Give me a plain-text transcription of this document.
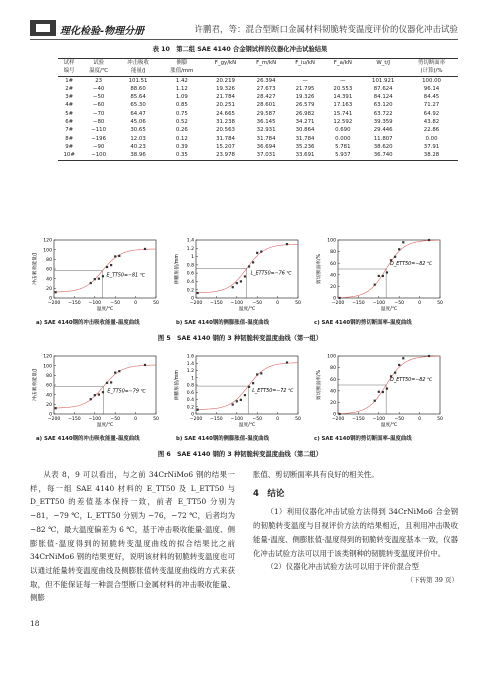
理化检验-物理分册	许鹏君，等：混合型断口金属材料韧脆转变温度评价的仪器化冲击试验
表 10　第二组 SAE 4140 合金钢试样的仪器化冲击试验结果
试样	试验	冲击吸收	侧膨	F_gy/kN	F_m/kN	F_iu/kN	F_a/kN	W_t/J	剪切断面率
编号	温度/℃	能量/J	胀值/mm						(计算)/%
1#	23	101.51	1.42	20.219	26.394	—	—	101.921	100.00
2#	−40	88.60	1.12	19.326	27.673	21.795	20.553	87.624	96.14
3#	−50	85.64	1.09	21.784	28.427	19.326	14.391	84.124	84.45
4#	−60	65.30	0.85	20.251	28.601	26.579	17.163	63.120	71.27
5#	−70	64.47	0.75	24.665	29.587	26.982	15.741	63.722	64.92
6#	−80	45.06	0.52	31.238	36.145	34.271	12.592	39.359	43.82
7#	−110	30.65	0.26	20.563	32.931	30.864	0.690	29.446	22.86
8#	−196	12.03	0.12	31.784	31.784	31.784	0.000	11.807	0.00
9#	−90	40.23	0.39	15.207	36.694	35.236	5.781	38.620	37.91
10#	−100	38.96	0.35	23.978	37.031	33.691	5.937	36.740	38.28
−200 −150 −100 −50	0	50
0
20
40
60
80
100
120
温度/℃
冲击吸收能量/J	E_TT50=−81 ℃
−200 −150 −100 −50	0	50
0
0.2
0.4
0.6
0.8
1
1.2
1.4
温度/℃
侧膨胀值/mm	L_ETT50=−76 ℃
−200 −150 −100 −50	0	50
0
20
40
60
80
100
温度/℃
剪切断面率/%	D_ETT50=−82 ℃
a) SAE 4140钢的冲击吸收能量-温度曲线	b) SAE 4140钢的侧膨胀值-温度曲线	c) SAE 4140钢的剪切断面率-温度曲线
图 5　SAE 4140 钢的 3 种韧脆转变温度曲线（第一组）
−200 −150 −100 −50	0	50
0
20
40
60
80
100
120
温度/℃
冲击吸收能量/J	E_TT50=−79 ℃
−200 −150 −100 −50	0	50
0
0.2
0.4
0.6
0.8
1
1.2
1.4
1.6
温度/℃
侧膨胀值/mm	L_ETT50=−72 ℃
−200 −150 −100 −50	0	50
0
20
40
60
80
100
温度/℃
剪切断面率/%	D_ETT50=−82 ℃
a) SAE 4140钢的冲击吸收能量-温度曲线	b) SAE 4140钢的侧膨胀值-温度曲线	c) SAE 4140钢的剪切断面率-温度曲线
图 6　SAE 4140 钢的 3 种韧脆转变温度曲线（第二组）

从表 8，9 可以看出，与之前 34CrNiMo6 钢的结果一样，每一组 SAE 4140 材料的 E_TT50 及 L_ETT50 与 D_ETT50 的差值基本保持一致，前者 E_TT50 分别为 −81，−79 ℃，L_ETT50 分别为 −76，−72 ℃，后者均为 −82 ℃，最大温度偏差为 6 ℃，基于冲击吸收能量-温度、侧膨胀值-温度得到的韧脆转变温度曲线的拟合结果比之前 34CrNiMo6 钢的结果更好，说明该材料的韧脆转变温度也可以通过能量转变温度曲线及侧膨胀值转变温度曲线的方式来获取，但不能保证每一种混合型断口金属材料的冲击吸收能量、侧膨

胀值、剪切断面率具有良好的相关性。
4　结论

（1）利用仪器化冲击试验方法得到 34CrNiMo6 合金钢的韧脆转变温度与目视评价方法的结果相近，且利用冲击吸收能量-温度、侧膨胀值-温度得到的韧脆转变温度基本一致，仪器化冲击试验方法可以用于该类钢种的韧脆转变温度评价中。

（2）仪器化冲击试验方法可以用于评价混合型

（下转第 39 页）
18
